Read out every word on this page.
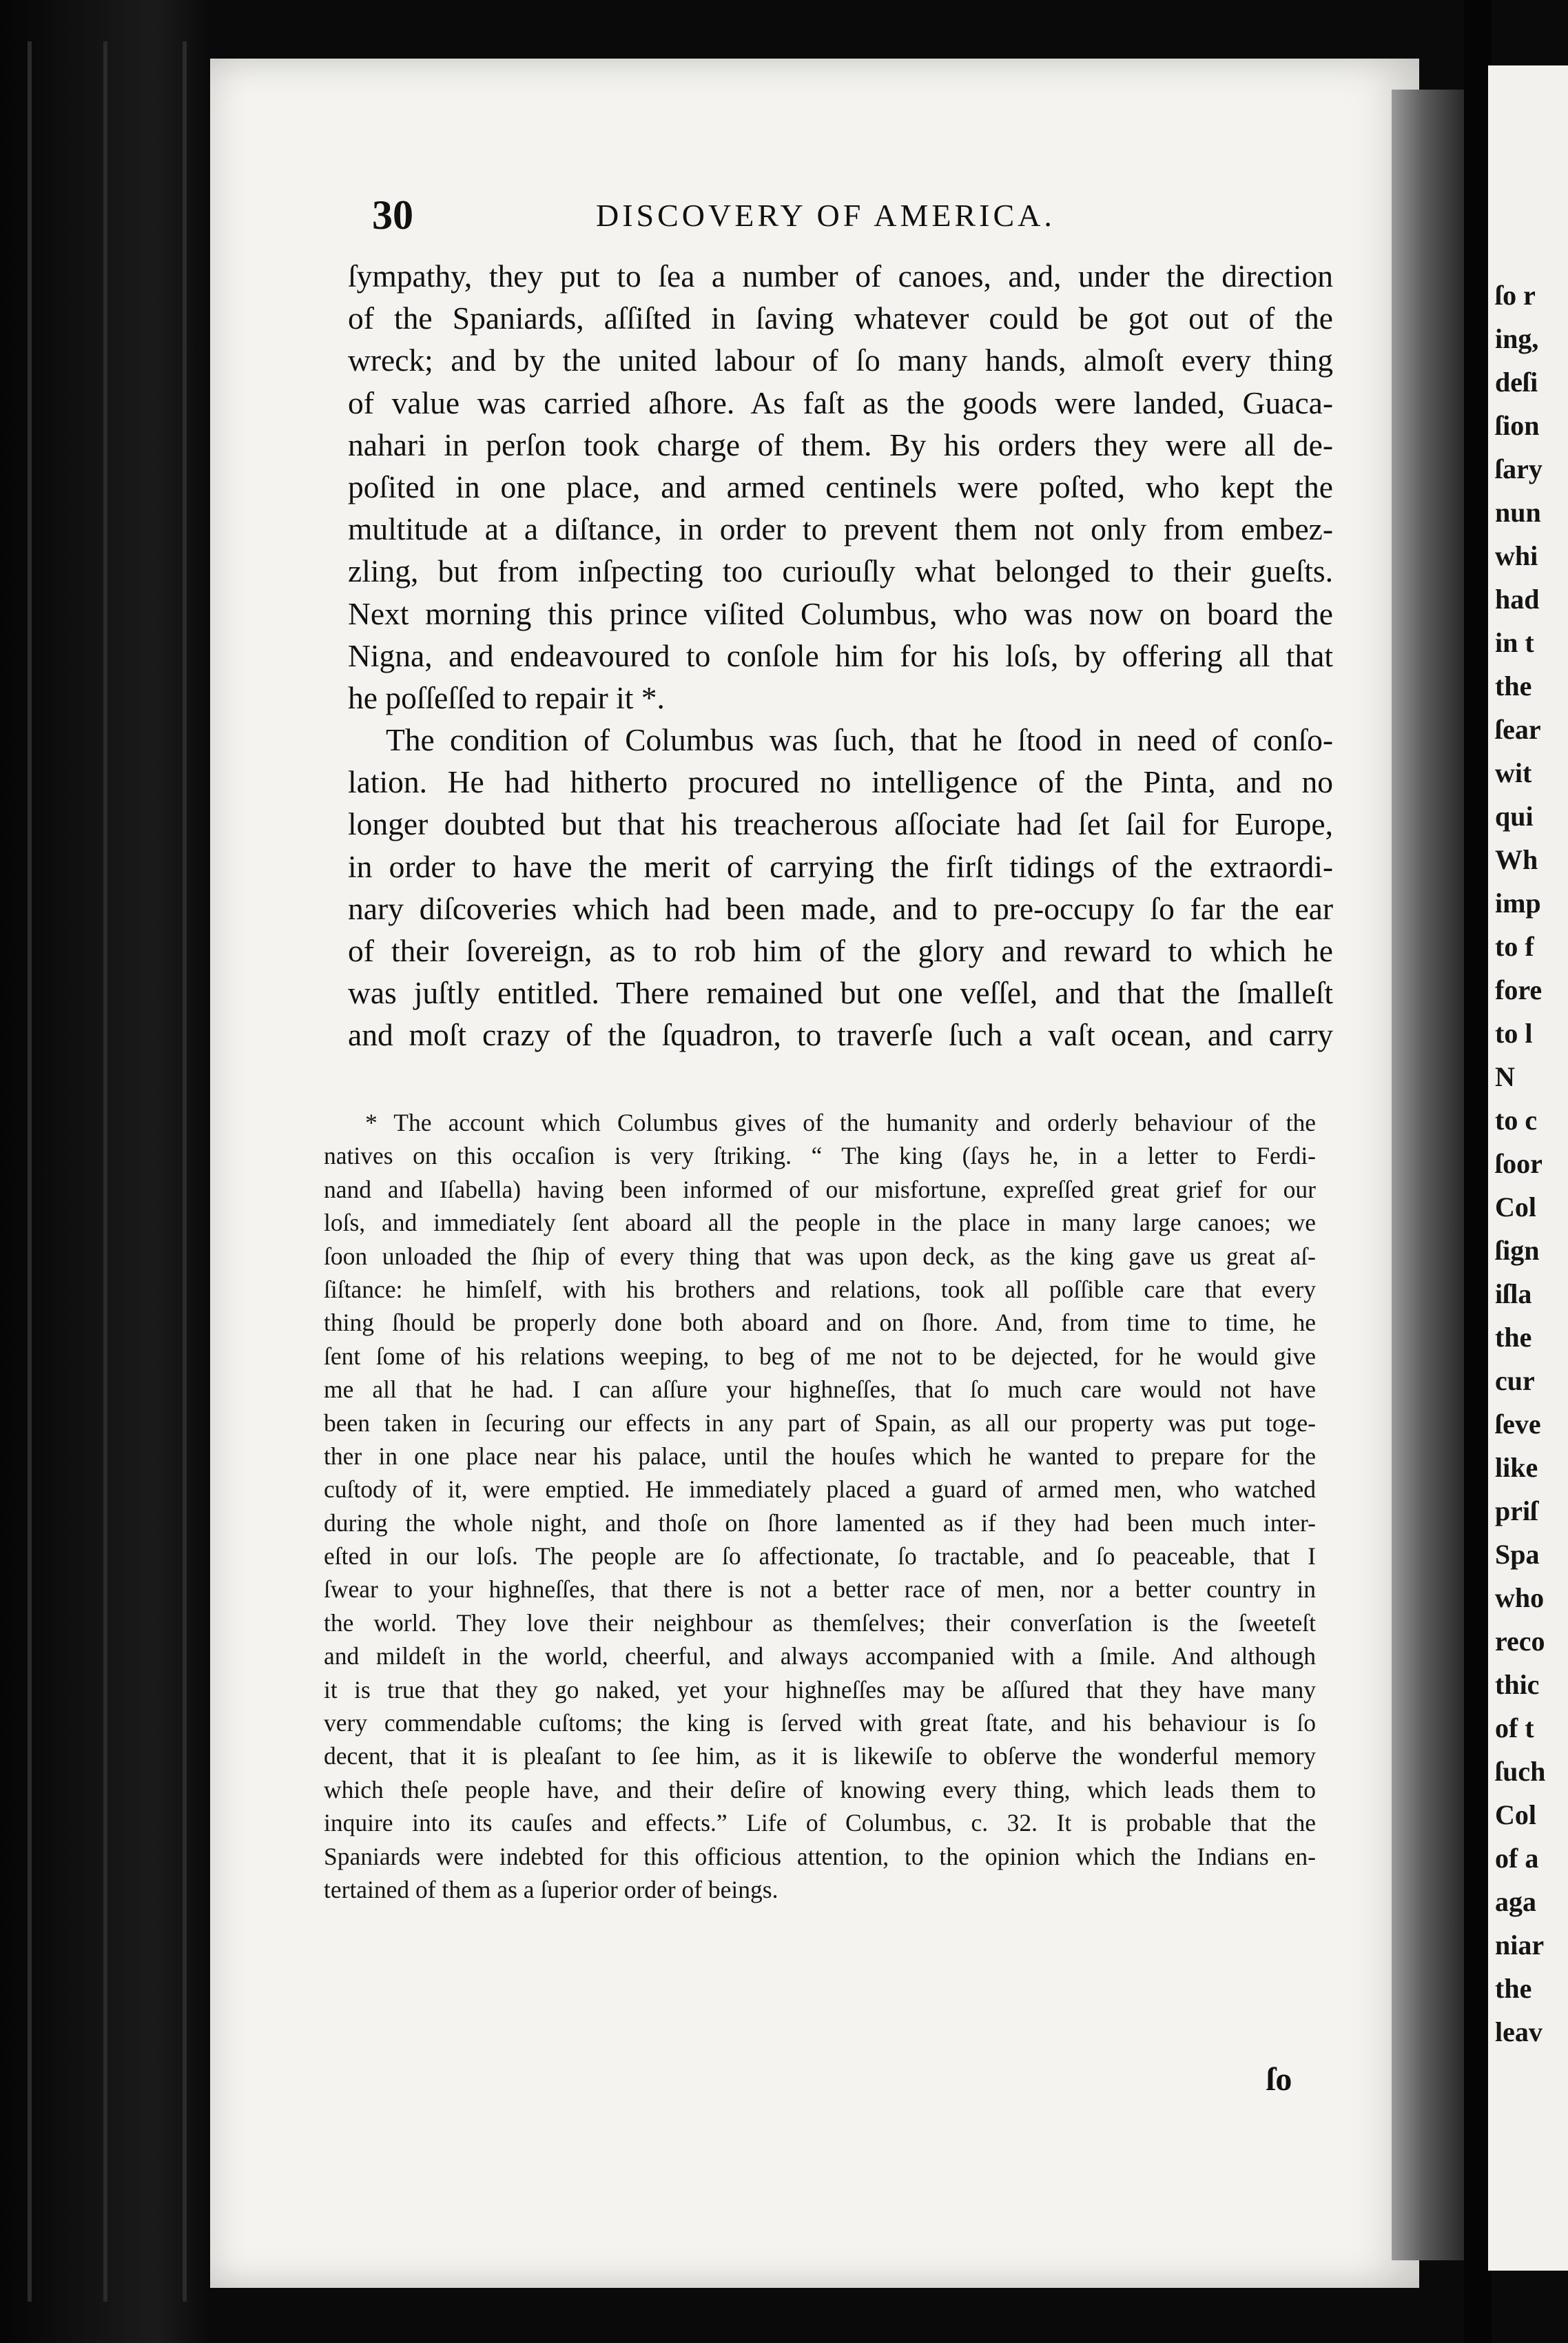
ſo r
ing,
deſi
ſion
ſary
nun
whi
had
in t
the
ſear
wit
qui
Wh
imp
to f
fore
to l
N
to c
ſoor
Col
ſign
iſla
the
cur
ſeve
like
priſ
Spa
who
reco
thic
of t
ſuch
Col
of a
aga
niar
the
leav
30	DISCOVERY OF AMERICA.
ſympathy, they put to ſea a number of canoes, and, under the direction
of the Spaniards, aſſiſted in ſaving whatever could be got out of the
wreck; and by the united labour of ſo many hands, almoſt every thing
of value was carried aſhore. As faſt as the goods were landed, Guaca-
nahari in perſon took charge of them. By his orders they were all de-
poſited in one place, and armed centinels were poſted, who kept the
multitude at a diſtance, in order to prevent them not only from embez-
zling, but from inſpecting too curiouſly what belonged to their gueſts.
Next morning this prince viſited Columbus, who was now on board the
Nigna, and endeavoured to conſole him for his loſs, by offering all that
he poſſeſſed to repair it *.
The condition of Columbus was ſuch, that he ſtood in need of conſo-
lation. He had hitherto procured no intelligence of the Pinta, and no
longer doubted but that his treacherous aſſociate had ſet ſail for Europe,
in order to have the merit of carrying the firſt tidings of the extraordi-
nary diſcoveries which had been made, and to pre-occupy ſo far the ear
of their ſovereign, as to rob him of the glory and reward to which he
was juſtly entitled. There remained but one veſſel, and that the ſmalleſt
and moſt crazy of the ſquadron, to traverſe ſuch a vaſt ocean, and carry
* The account which Columbus gives of the humanity and orderly behaviour of the
natives on this occaſion is very ſtriking. “ The king (ſays he, in a letter to Ferdi-
nand and Iſabella) having been informed of our misfortune, expreſſed great grief for our
loſs, and immediately ſent aboard all the people in the place in many large canoes; we
ſoon unloaded the ſhip of every thing that was upon deck, as the king gave us great aſ-
ſiſtance: he himſelf, with his brothers and relations, took all poſſible care that every
thing ſhould be properly done both aboard and on ſhore. And, from time to time, he
ſent ſome of his relations weeping, to beg of me not to be dejected, for he would give
me all that he had. I can aſſure your highneſſes, that ſo much care would not have
been taken in ſecuring our effects in any part of Spain, as all our property was put toge-
ther in one place near his palace, until the houſes which he wanted to prepare for the
cuſtody of it, were emptied. He immediately placed a guard of armed men, who watched
during the whole night, and thoſe on ſhore lamented as if they had been much inter-
eſted in our loſs. The people are ſo affectionate, ſo tractable, and ſo peaceable, that I
ſwear to your highneſſes, that there is not a better race of men, nor a better country in
the world. They love their neighbour as themſelves; their converſation is the ſweeteſt
and mildeſt in the world, cheerful, and always accompanied with a ſmile. And although
it is true that they go naked, yet your highneſſes may be aſſured that they have many
very commendable cuſtoms; the king is ſerved with great ſtate, and his behaviour is ſo
decent, that it is pleaſant to ſee him, as it is likewiſe to obſerve the wonderful memory
which theſe people have, and their deſire of knowing every thing, which leads them to
inquire into its cauſes and effects.” Life of Columbus, c. 32. It is probable that the
Spaniards were indebted for this officious attention, to the opinion which the Indians en-
tertained of them as a ſuperior order of beings.
ſo
